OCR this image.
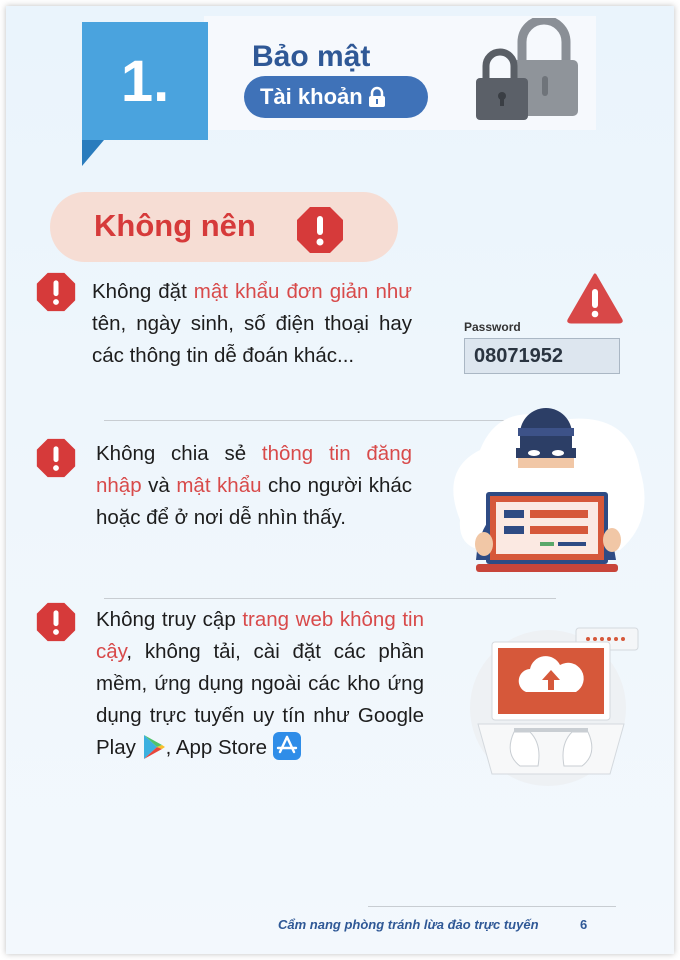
1.	Bảo mật
Tài khoản
Không nên
Không đặt mật khẩu đơn giản như tên, ngày sinh, số điện thoại hay các thông tin dễ đoán khác...
Password
08071952
Không chia sẻ thông tin đăng nhập và mật khẩu cho người khác hoặc để ở nơi dễ nhìn thấy.
Không truy cập trang web không tin cậy, không tải, cài đặt các phần mềm, ứng dụng ngoài các kho ứng dụng trực tuyến uy tín như Google Play , App Store
Cẩm nang phòng tránh lừa đảo trực tuyến	6
